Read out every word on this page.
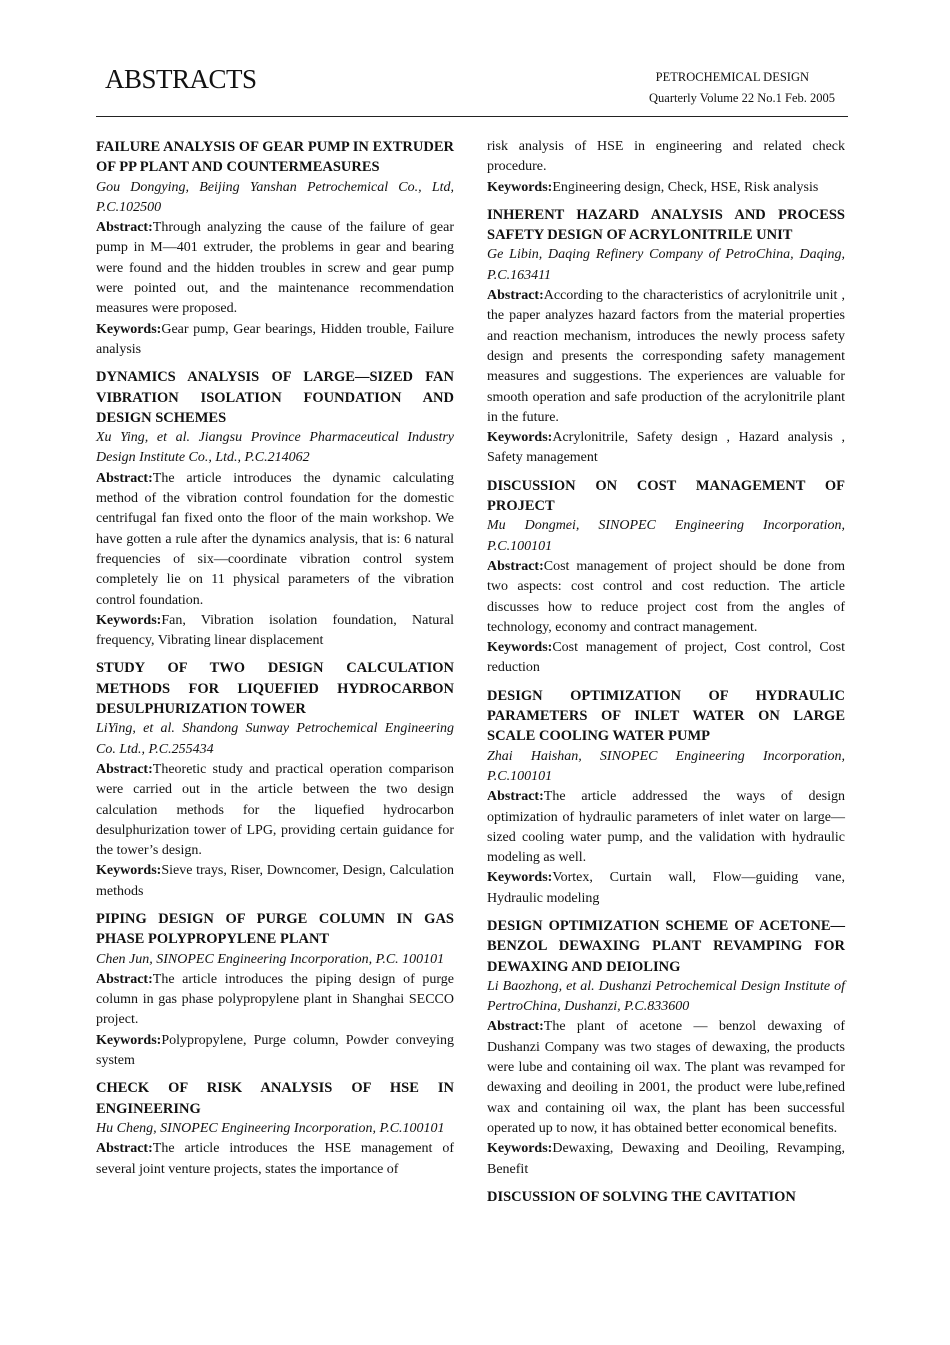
ABSTRACTS	PETROCHEMICAL DESIGN
Quarterly Volume 22 No.1 Feb. 2005
FAILURE ANALYSIS OF GEAR PUMP IN EXTRUDER OF PP PLANT AND COUNTERMEASURES
Gou Dongying, Beijing Yanshan Petrochemical Co., Ltd, P.C.102500
Abstract:Through analyzing the cause of the failure of gear pump in M—401 extruder, the problems in gear and bearing were found and the hidden troubles in screw and gear pump were pointed out, and the maintenance recommendation measures were proposed.
Keywords:Gear pump, Gear bearings, Hidden trouble, Failure analysis
DYNAMICS ANALYSIS OF LARGE—SIZED FAN VIBRATION ISOLATION FOUNDATION AND DESIGN SCHEMES
Xu Ying, et al. Jiangsu Province Pharmaceutical Industry Design Institute Co., Ltd., P.C.214062
Abstract:The article introduces the dynamic calculating method of the vibration control foundation for the domestic centrifugal fan fixed onto the floor of the main workshop. We have gotten a rule after the dynamics analysis, that is: 6 natural frequencies of six—coordinate vibration control system completely lie on 11 physical parameters of the vibration control foundation.
Keywords:Fan, Vibration isolation foundation, Natural frequency, Vibrating linear displacement
STUDY OF TWO DESIGN CALCULATION METHODS FOR LIQUEFIED HYDROCARBON DESULPHURIZATION TOWER
LiYing, et al. Shandong Sunway Petrochemical Engineering Co. Ltd., P.C.255434
Abstract:Theoretic study and practical operation comparison were carried out in the article between the two design calculation methods for the liquefied hydrocarbon desulphurization tower of LPG, providing certain guidance for the tower’s design.
Keywords:Sieve trays, Riser, Downcomer, Design, Calculation methods
PIPING DESIGN OF PURGE COLUMN IN GAS PHASE POLYPROPYLENE PLANT
Chen Jun, SINOPEC Engineering Incorporation, P.C. 100101
Abstract:The article introduces the piping design of purge column in gas phase polypropylene plant in Shanghai SECCO project.
Keywords:Polypropylene, Purge column, Powder conveying system
CHECK OF RISK ANALYSIS OF HSE IN ENGINEERING
Hu Cheng, SINOPEC Engineering Incorporation, P.C.100101
Abstract:The article introduces the HSE management of several joint venture projects, states the importance of
risk analysis of HSE in engineering and related check procedure.
Keywords:Engineering design, Check, HSE, Risk analysis
INHERENT HAZARD ANALYSIS AND PROCESS SAFETY DESIGN OF ACRYLONITRILE UNIT
Ge Libin, Daqing Refinery Company of PetroChina, Daqing, P.C.163411
Abstract:According to the characteristics of acrylonitrile unit , the paper analyzes hazard factors from the material properties and reaction mechanism, introduces the newly process safety design and presents the corresponding safety management measures and suggestions. The experiences are valuable for smooth operation and safe production of the acrylonitrile plant in the future.
Keywords:Acrylonitrile, Safety design , Hazard analysis , Safety management
DISCUSSION ON COST MANAGEMENT OF PROJECT
Mu Dongmei, SINOPEC Engineering Incorporation, P.C.100101
Abstract:Cost management of project should be done from two aspects: cost control and cost reduction. The article discusses how to reduce project cost from the angles of technology, economy and contract management.
Keywords:Cost management of project, Cost control, Cost reduction
DESIGN OPTIMIZATION OF HYDRAULIC PARAMETERS OF INLET WATER ON LARGE SCALE COOLING WATER PUMP
Zhai Haishan, SINOPEC Engineering Incorporation, P.C.100101
Abstract:The article addressed the ways of design optimization of hydraulic parameters of inlet water on large—sized cooling water pump, and the validation with hydraulic modeling as well.
Keywords:Vortex, Curtain wall, Flow—guiding vane, Hydraulic modeling
DESIGN OPTIMIZATION SCHEME OF ACETONE—BENZOL DEWAXING PLANT REVAMPING FOR DEWAXING AND DEIOLING
Li Baozhong, et al. Dushanzi Petrochemical Design Institute of PertroChina, Dushanzi, P.C.833600
Abstract:The plant of acetone — benzol dewaxing of Dushanzi Company was two stages of dewaxing, the products were lube and containing oil wax. The plant was revamped for dewaxing and deoiling in 2001, the product were lube,refined wax and containing oil wax, the plant has been successful operated up to now, it has obtained better economical benefits.
Keywords:Dewaxing, Dewaxing and Deoiling, Revamping, Benefit
DISCUSSION OF SOLVING THE CAVITATION
